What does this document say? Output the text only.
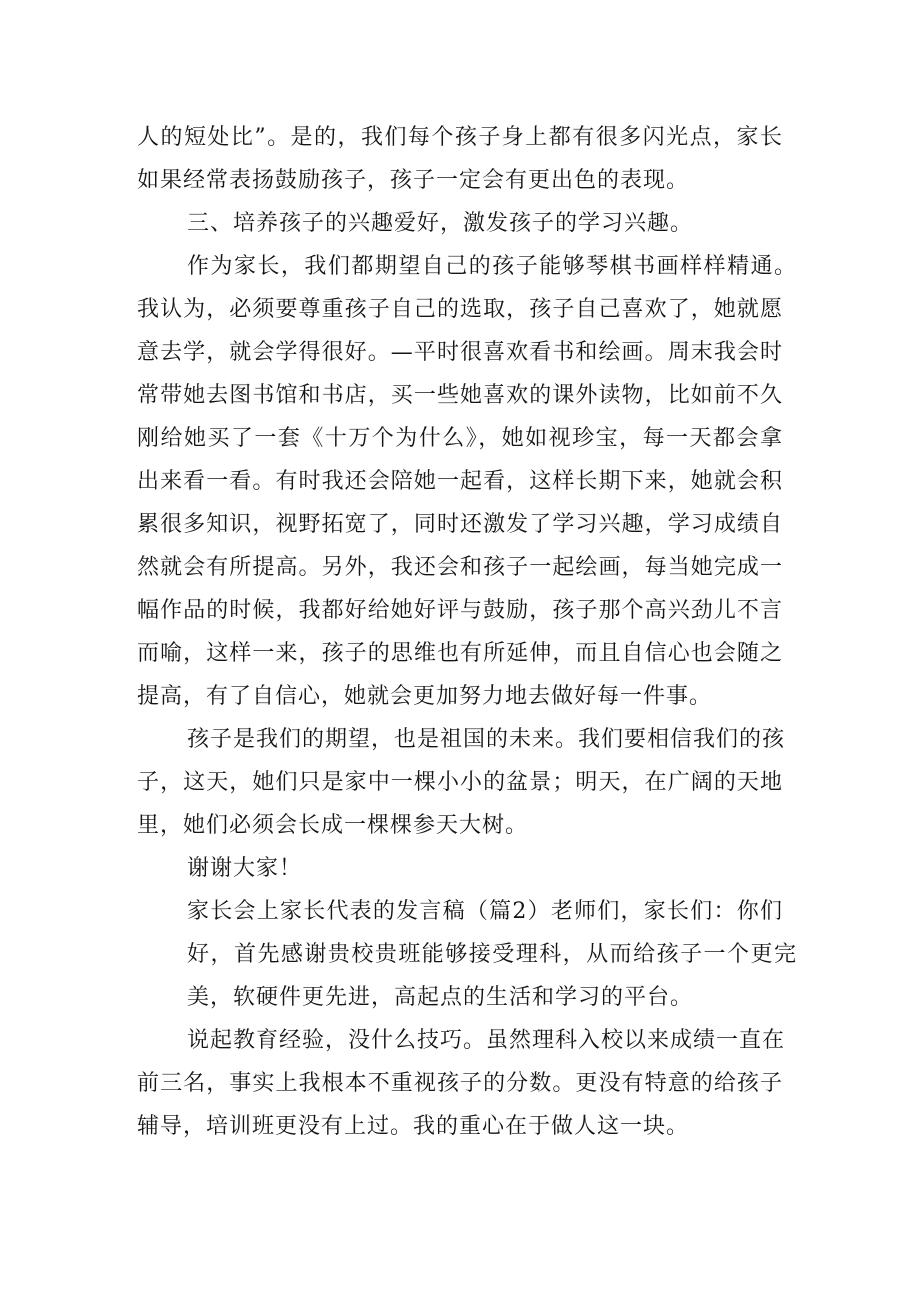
人的短处比”。是的，我们每个孩子身上都有很多闪光点，家长
如果经常表扬鼓励孩子，孩子一定会有更出色的表现。
三、培养孩子的兴趣爱好，激发孩子的学习兴趣。
作为家长，我们都期望自己的孩子能够琴棋书画样样精通。
我认为，必须要尊重孩子自己的选取，孩子自己喜欢了，她就愿
意去学，就会学得很好。—平时很喜欢看书和绘画。周末我会时
常带她去图书馆和书店，买一些她喜欢的课外读物，比如前不久
刚给她买了一套《十万个为什么》，她如视珍宝，每一天都会拿
出来看一看。有时我还会陪她一起看，这样长期下来，她就会积
累很多知识，视野拓宽了，同时还激发了学习兴趣，学习成绩自
然就会有所提高。另外，我还会和孩子一起绘画，每当她完成一
幅作品的时候，我都好给她好评与鼓励，孩子那个高兴劲儿不言
而喻，这样一来，孩子的思维也有所延伸，而且自信心也会随之
提高，有了自信心，她就会更加努力地去做好每一件事。
孩子是我们的期望，也是祖国的未来。我们要相信我们的孩
子，这天，她们只是家中一棵小小的盆景；明天，在广阔的天地
里，她们必须会长成一棵棵参天大树。
谢谢大家！
家长会上家长代表的发言稿（篇2）老师们，家长们：你们
好，首先感谢贵校贵班能够接受理科，从而给孩子一个更完
美，软硬件更先进，高起点的生活和学习的平台。
说起教育经验，没什么技巧。虽然理科入校以来成绩一直在
前三名，事实上我根本不重视孩子的分数。更没有特意的给孩子
辅导，培训班更没有上过。我的重心在于做人这一块。
